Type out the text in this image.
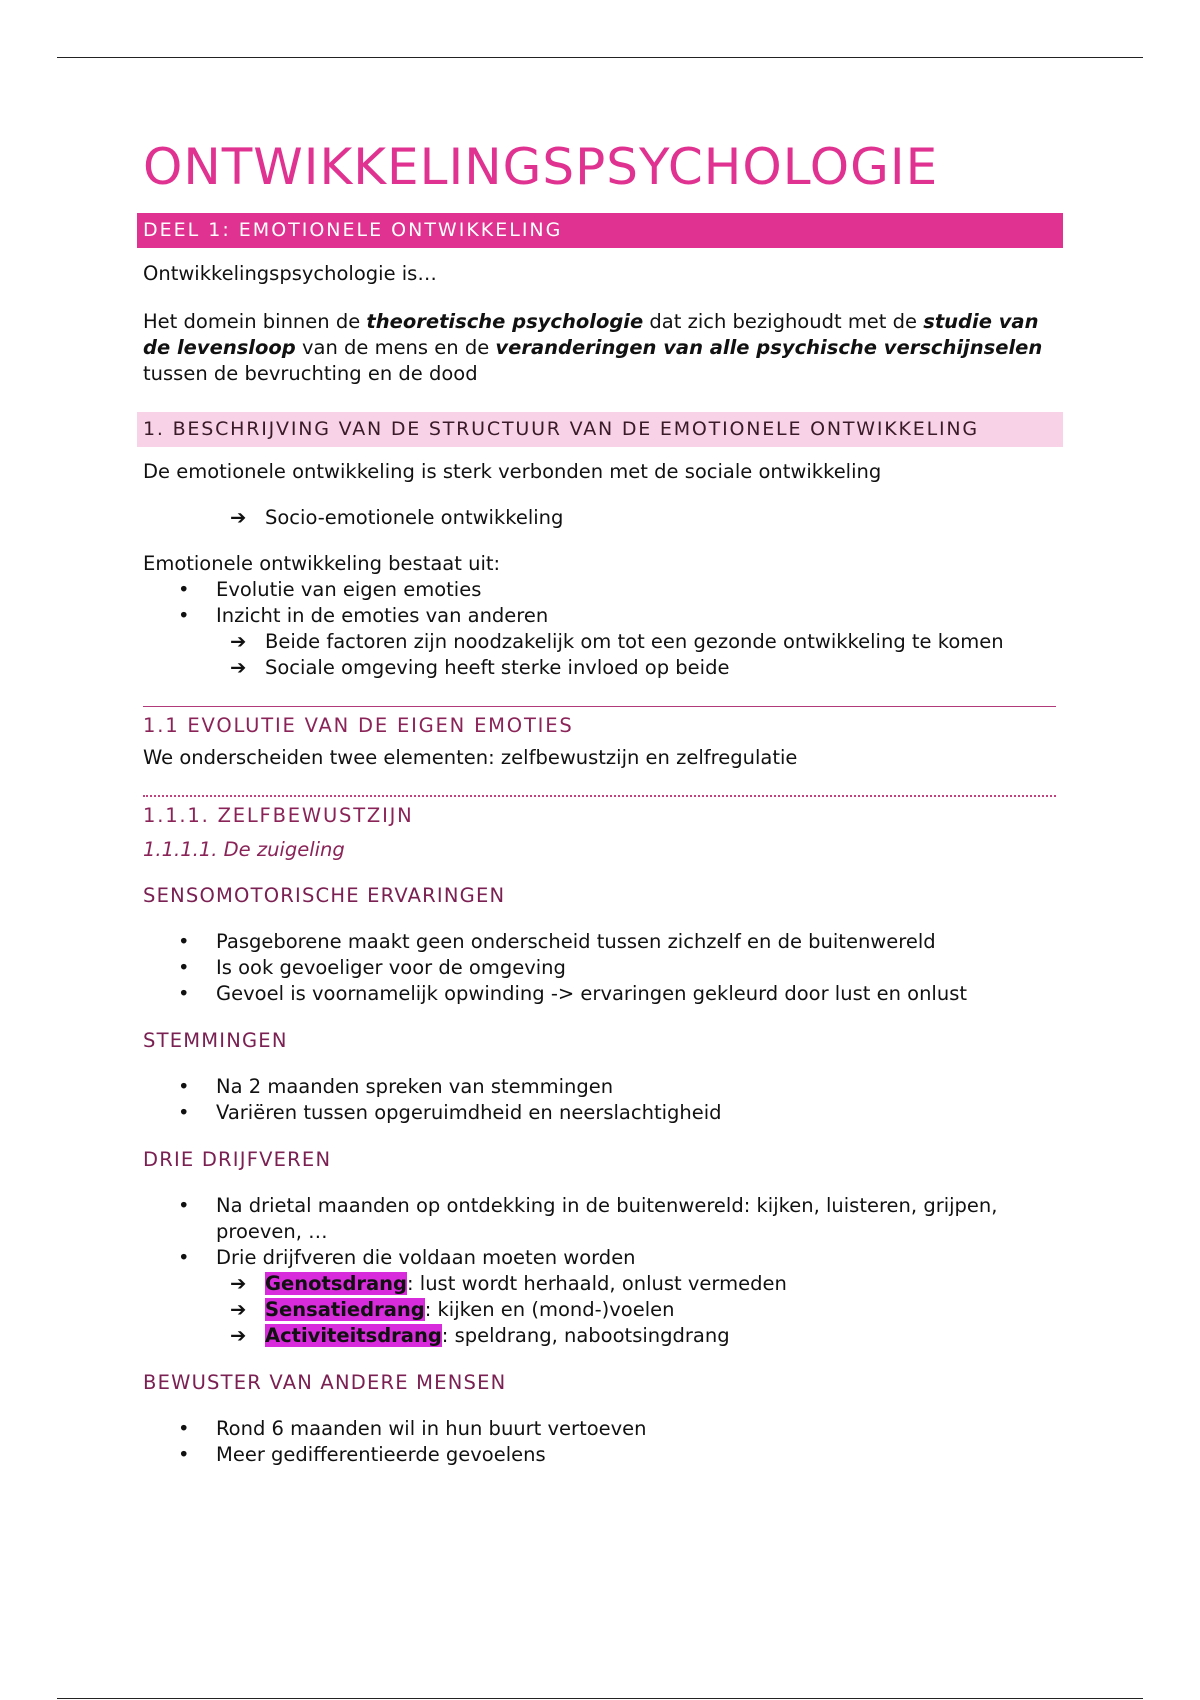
ONTWIKKELINGSPSYCHOLOGIE
DEEL 1: EMOTIONELE ONTWIKKELING

Ontwikkelingspsychologie is…

Het domein binnen de theoretische psychologie dat zich bezighoudt met de studie van de levensloop van de mens en de veranderingen van alle psychische verschijnselen tussen de bevruchting en de dood

1. BESCHRIJVING VAN DE STRUCTUUR VAN DE EMOTIONELE ONTWIKKELING

De emotionele ontwikkeling is sterk verbonden met de sociale ontwikkeling

➔ Socio-emotionele ontwikkeling

Emotionele ontwikkeling bestaat uit:

• Evolutie van eigen emoties
• Inzicht in de emoties van anderen
➔ Beide factoren zijn noodzakelijk om tot een gezonde ontwikkeling te komen
➔ Sociale omgeving heeft sterke invloed op beide
1.1 EVOLUTIE VAN DE EIGEN EMOTIES

We onderscheiden twee elementen: zelfbewustzijn en zelfregulatie

1.1.1. ZELFBEWUSTZIJN
1.1.1.1. De zuigeling
SENSOMOTORISCHE ERVARINGEN
• Pasgeborene maakt geen onderscheid tussen zichzelf en de buitenwereld
• Is ook gevoeliger voor de omgeving
• Gevoel is voornamelijk opwinding -> ervaringen gekleurd door lust en onlust
STEMMINGEN
• Na 2 maanden spreken van stemmingen
• Variëren tussen opgeruimdheid en neerslachtigheid
DRIE DRIJFVEREN
• Na drietal maanden op ontdekking in de buitenwereld: kijken, luisteren, grijpen, proeven, …
• Drie drijfveren die voldaan moeten worden
➔ Genotsdrang: lust wordt herhaald, onlust vermeden
➔ Sensatiedrang: kijken en (mond-)voelen
➔ Activiteitsdrang: speldrang, nabootsingdrang
BEWUSTER VAN ANDERE MENSEN
• Rond 6 maanden wil in hun buurt vertoeven
• Meer gedifferentieerde gevoelens
